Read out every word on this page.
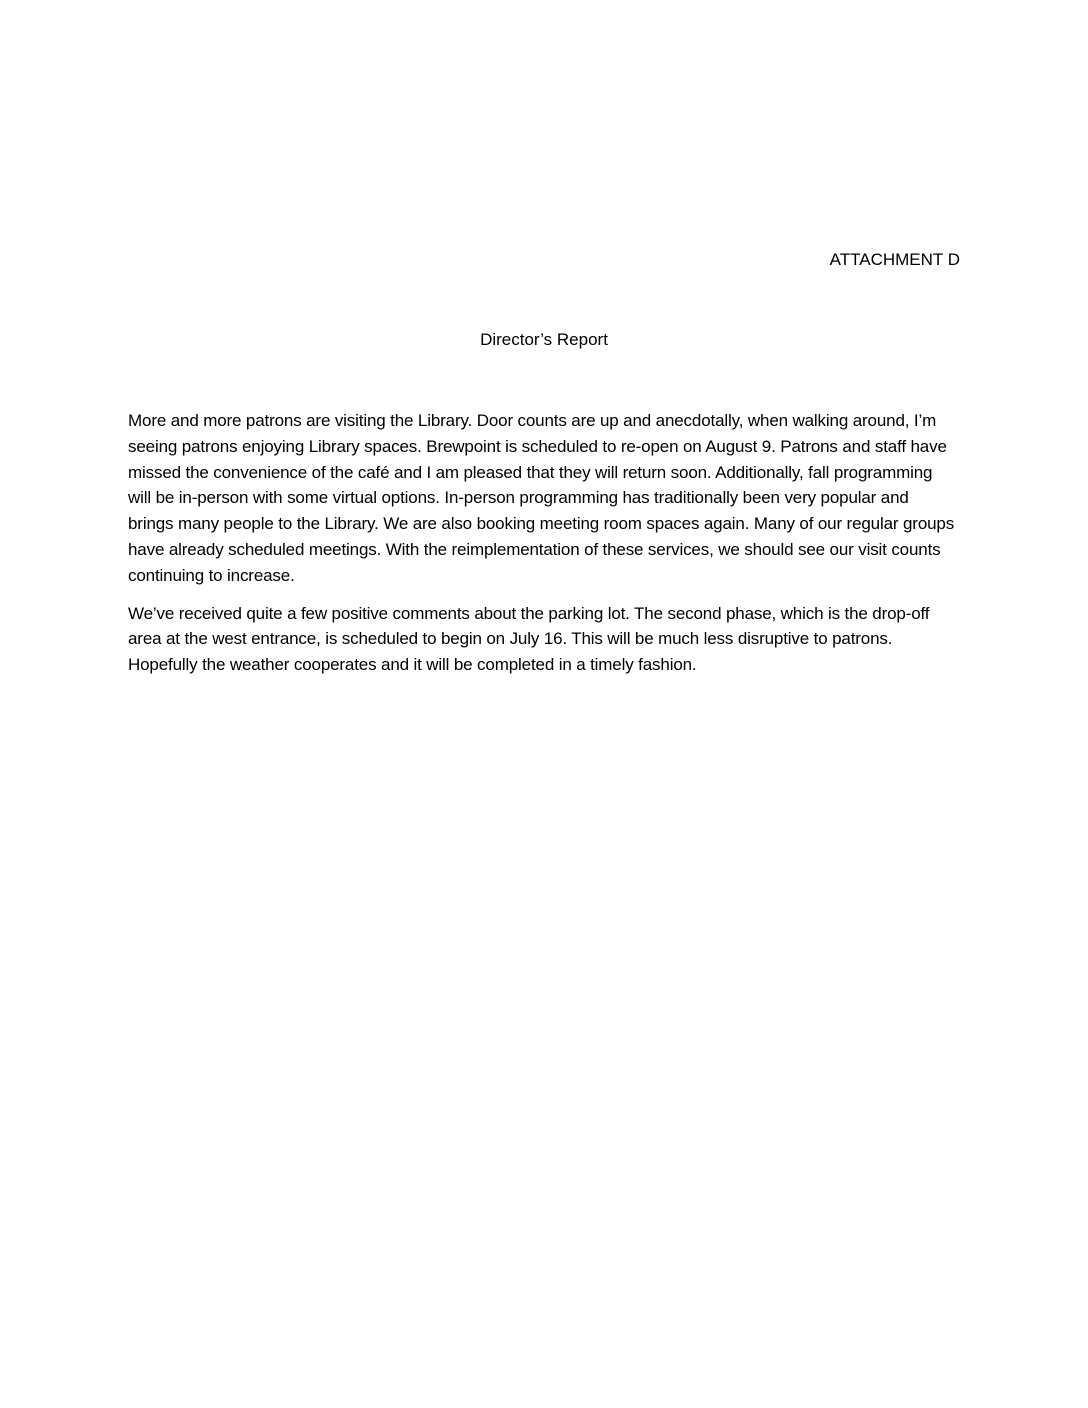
ATTACHMENT D
Director’s Report

More and more patrons are visiting the Library. Door counts are up and anecdotally, when walking around, I’m seeing patrons enjoying Library spaces. Brewpoint is scheduled to re-open on August 9. Patrons and staff have missed the convenience of the café and I am pleased that they will return soon. Additionally, fall programming will be in-person with some virtual options. In-person programming has traditionally been very popular and brings many people to the Library. We are also booking meeting room spaces again. Many of our regular groups have already scheduled meetings. With the reimplementation of these services, we should see our visit counts continuing to increase.

We’ve received quite a few positive comments about the parking lot. The second phase, which is the drop-off area at the west entrance, is scheduled to begin on July 16. This will be much less disruptive to patrons. Hopefully the weather cooperates and it will be completed in a timely fashion.
